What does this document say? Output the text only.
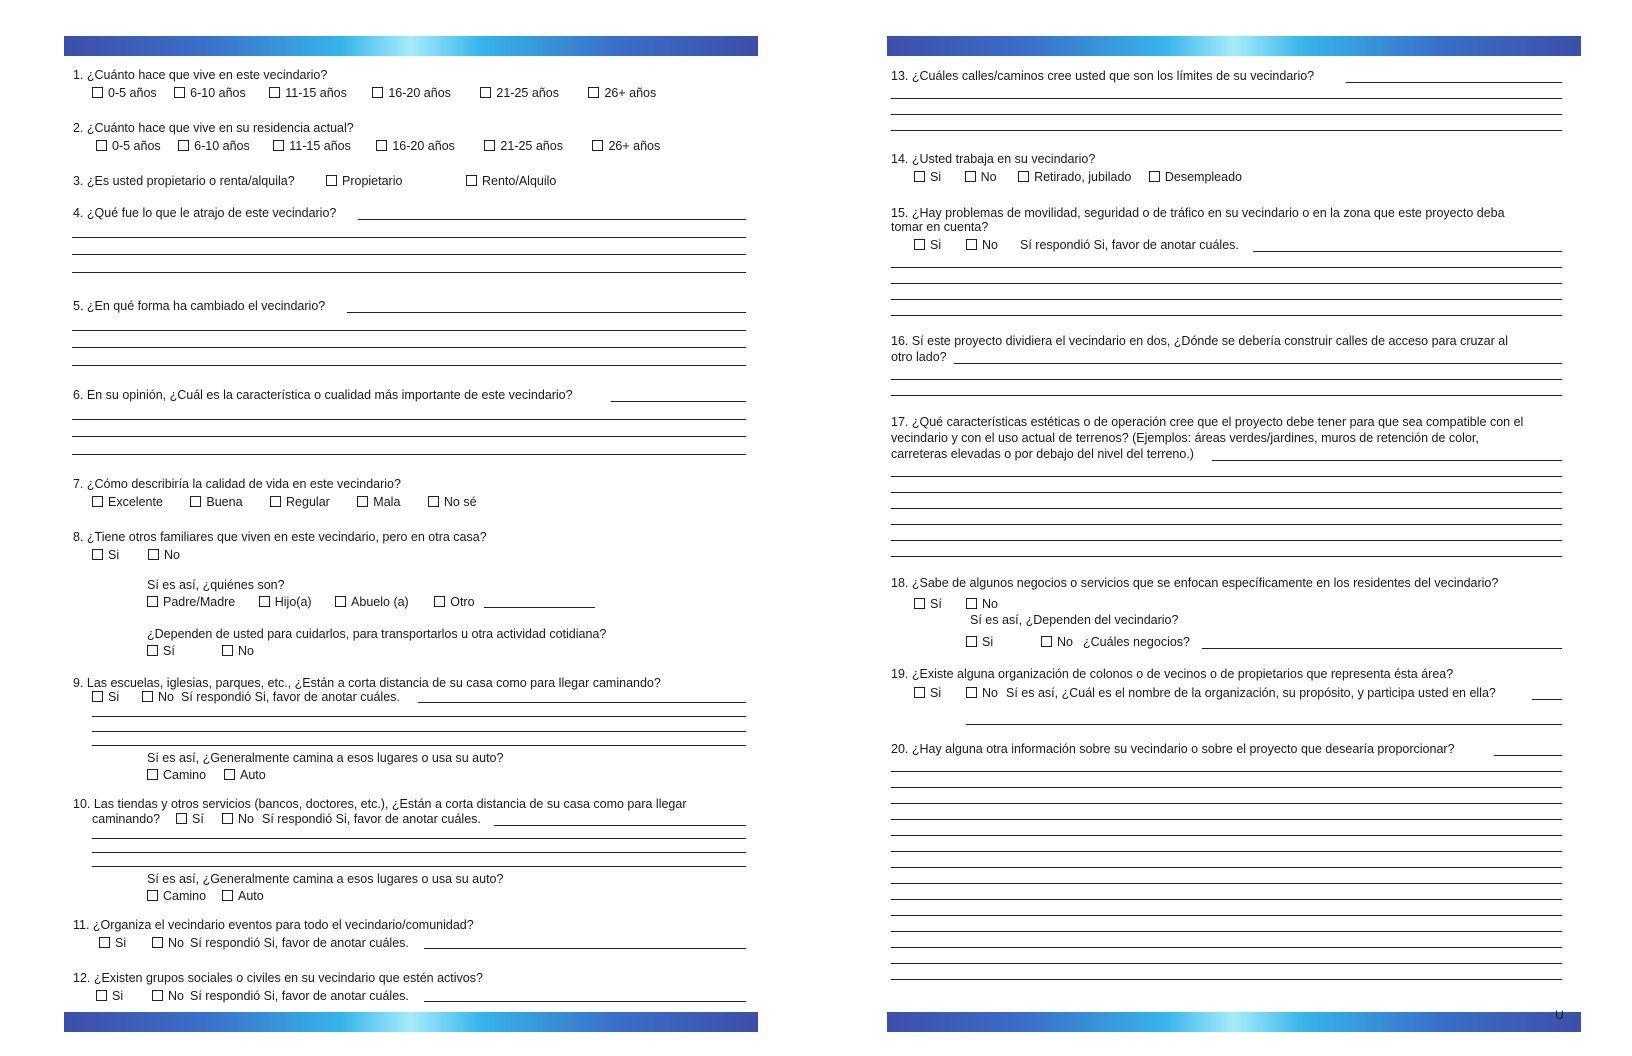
1. ¿Cuánto hace que vive en este vecindario?
0-5 años	6-10 años	11-15 años	16-20 años	21-25 años	26+ años
2. ¿Cuánto hace que vive en su residencia actual?
0-5 años	6-10 años	11-15 años	16-20 años	21-25 años	26+ años
3. ¿Es usted propietario o renta/alquila?	Propietario	Rento/Alquilo
4. ¿Qué fue lo que le atrajo de este vecindario?
5. ¿En qué forma ha cambiado el vecindario?
6. En su opinión, ¿Cuál es la característica o cualidad más importante de este vecindario?
7. ¿Cómo describiría la calidad de vida en este vecindario?
Excelente	Buena	Regular	Mala	No sé
8. ¿Tiene otros familiares que viven en este vecindario, pero en otra casa?
Si	No
Sí es así, ¿quiénes son?
Padre/Madre	Hijo(a)	Abuelo (a)	Otro
¿Dependen de usted para cuidarlos, para transportarlos u otra actividad cotidiana?
Sí	No
9. Las escuelas, iglesias, parques, etc., ¿Están a corta distancia de su casa como para llegar caminando?
Si	No Sí respondió Si, favor de anotar cuáles.
Sí es así, ¿Generalmente camina a esos lugares o usa su auto?
Camino	Auto
10. Las tiendas y otros servicios (bancos, doctores, etc.), ¿Están a corta distancia de su casa como para llegar
caminando?	Sí	No Sí respondió Si, favor de anotar cuáles.
Sí es así, ¿Generalmente camina a esos lugares o usa su auto?
Camino	Auto
11. ¿Organiza el vecindario eventos para todo el vecindario/comunidad?
Si	No Sí respondió Si, favor de anotar cuáles.
12. ¿Existen grupos sociales o civiles en su vecindario que estén activos?
Si	No Sí respondió Si, favor de anotar cuáles.
13. ¿Cuáles calles/caminos cree usted que son los límites de su vecindario?
14. ¿Usted trabaja en su vecindario?
Si	No	Retirado, jubilado	Desempleado
15. ¿Hay problemas de movilidad, seguridad o de tráfico en su vecindario o en la zona que este proyecto deba
tomar en cuenta?
Si	No Sí respondió Si, favor de anotar cuáles.
16. Sí este proyecto dividiera el vecindario en dos, ¿Dónde se debería construir calles de acceso para cruzar al
otro lado?
17. ¿Qué características estéticas o de operación cree que el proyecto debe tener para que sea compatible con el
vecindario y con el uso actual de terrenos? (Ejemplos: áreas verdes/jardines, muros de retención de color,
carreteras elevadas o por debajo del nivel del terreno.)
18. ¿Sabe de algunos negocios o servicios que se enfocan específicamente en los residentes del vecindario?
Sí	No
Sí es así, ¿Dependen del vecindario?
Si	No ¿Cuáles negocios?
19. ¿Existe alguna organización de colonos o de vecinos o de propietarios que representa ésta área?
Si	No Sí es así, ¿Cuál es el nombre de la organización, su propósito, y participa usted en ella?
20. ¿Hay alguna otra información sobre su vecindario o sobre el proyecto que desearía proporcionar?
U
